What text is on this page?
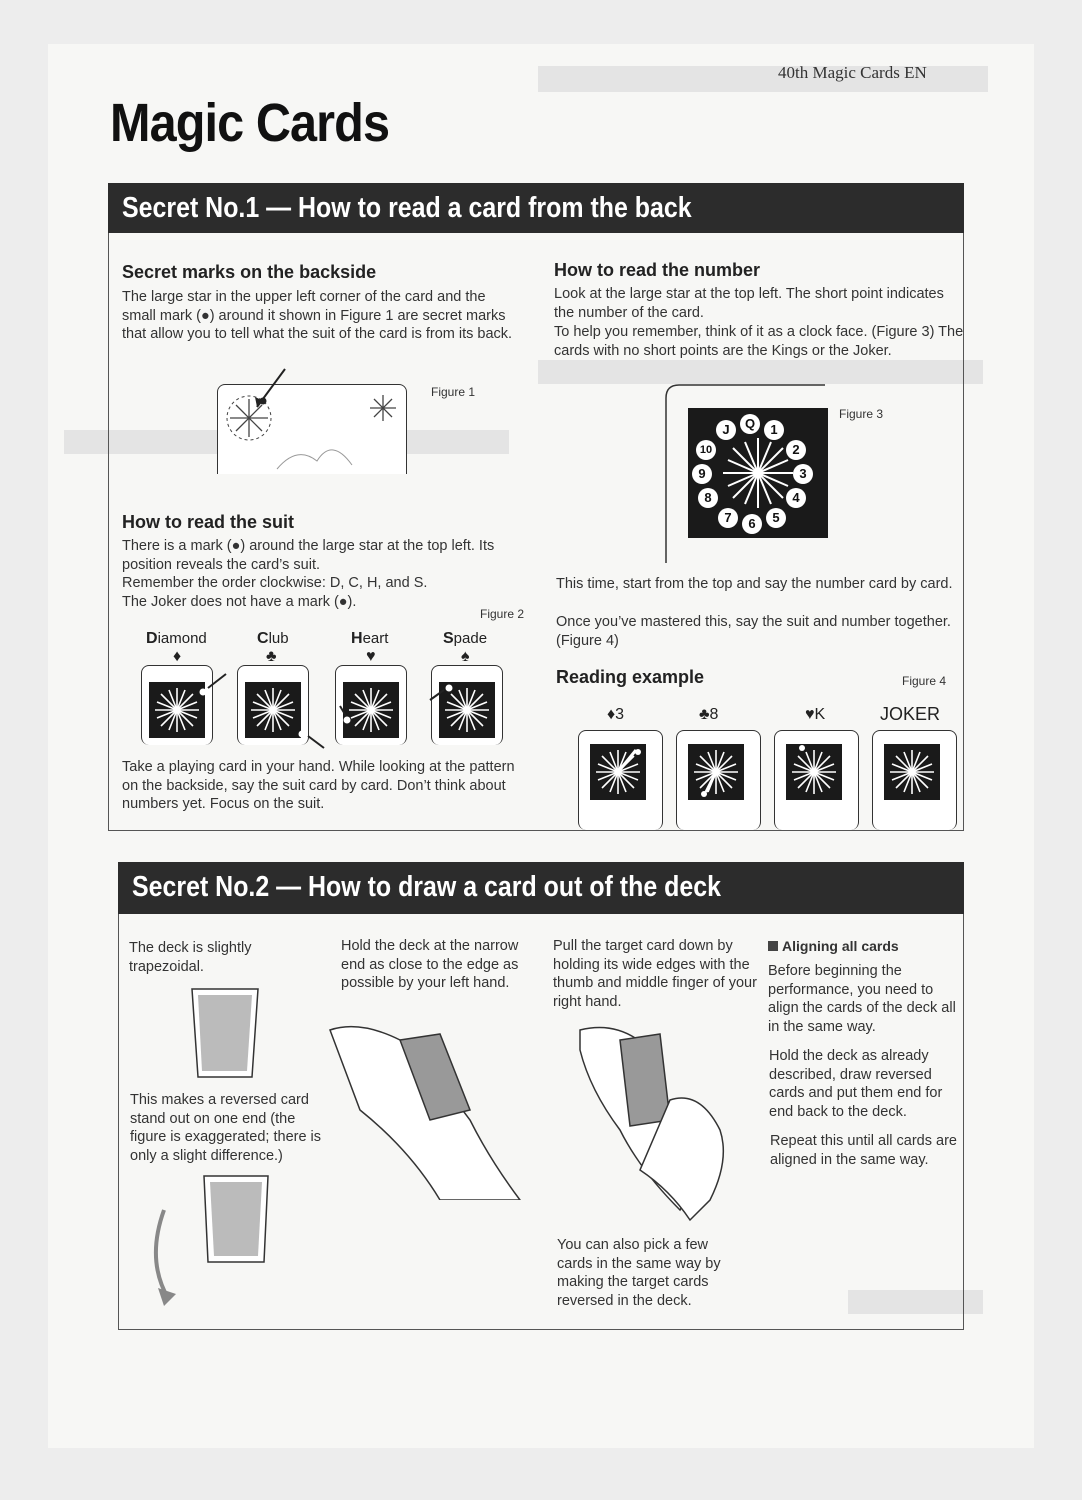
Magic Cards
40th Magic Cards EN
Secret No.1 — How to read a card from the back
Secret marks on the backside
The large star in the upper left corner of the card and the small mark (●) around it shown in Figure 1 are secret marks that allow you to tell what the suit of the card is from its back.
Figure 1
How to read the suit
There is a mark (●) around the large star at the top left. Its position reveals the card’s suit.
Remember the order clockwise: D, C, H, and S.
The Joker does not have a mark (●).
Figure 2
Diamond	Club	Heart	Spade
♦	♣	♥	♠
Take a playing card in your hand. While looking at the pattern on the backside, say the suit card by card. Don’t think about numbers yet. Focus on the suit.
How to read the number
Look at the large star at the top left. The short point indicates the number of the card.
To help you remember, think of it as a clock face. (Figure 3) The cards with no short points are the Kings or the Joker.
J	Q	1
2
3
4
5
6
7
8
9
10
Figure 3
This time, start from the top and say the number card by card.
Once you’ve mastered this, say the suit and number together. (Figure 4)
Reading example	Figure 4
♦3	♣8	♥K	JOKER
Secret No.2 — How to draw a card out of the deck
The deck is slightly trapezoidal.
This makes a reversed card stand out on one end (the figure is exaggerated; there is only a slight difference.)
Hold the deck at the narrow end as close to the edge as possible by your left hand.
Pull the target card down by holding its wide edges with the thumb and middle finger of your right hand.
You can also pick a few cards in the same way by making the target cards reversed in the deck.
Aligning all cards
Before beginning the performance, you need to align the cards of the deck all in the same way.
Hold the deck as already described, draw reversed cards and put them end for end back to the deck.
Repeat this until all cards are aligned in the same way.
